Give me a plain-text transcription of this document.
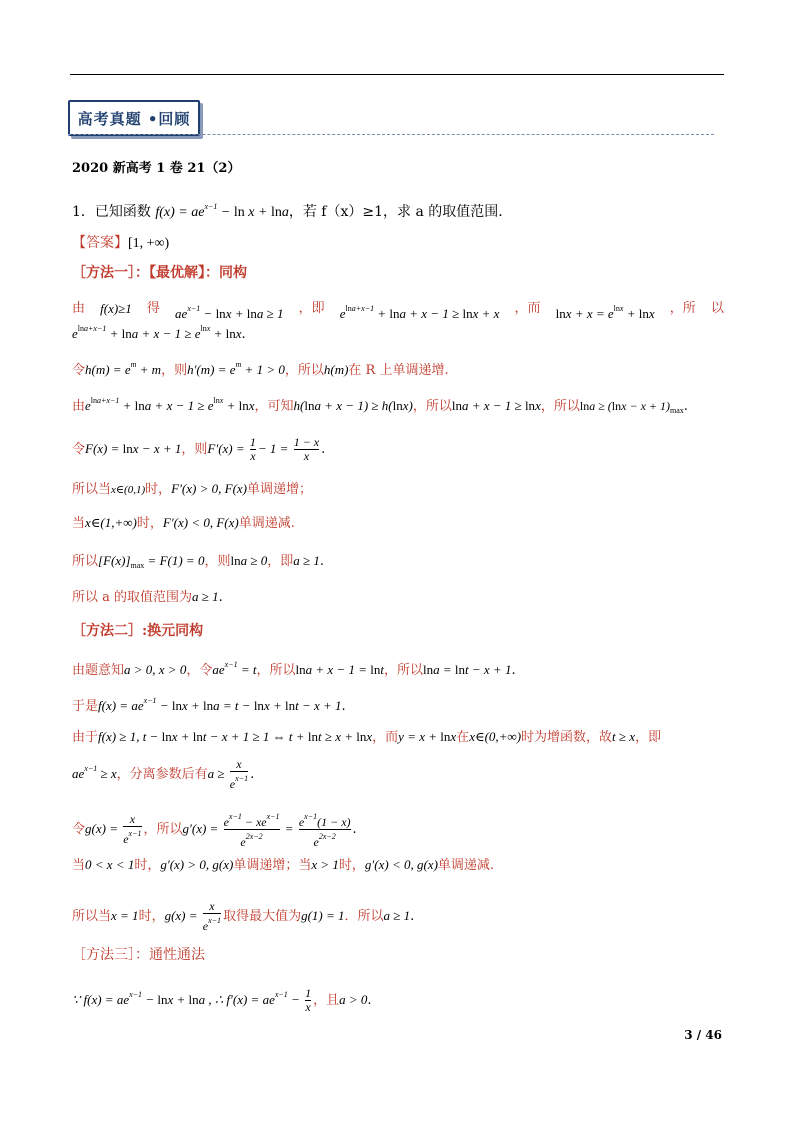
高考真题 •回顾
2020 新高考 1 卷 21（2）
1．已知函数 $f(x) = ae^{x-1} - \ln x + \ln a$，若 f（x）≥1，求 a 的取值范围.
【答案】[1, +∞)
［方法一］：【最优解】：同构
由 f(x)≥1 得 $ae^{x-1} - \ln x + \ln a \ge 1$ ，即 $e^{lna+x-1} + \ln a + x - 1 \ge \ln x + x$ ，而 $\ln x + x = e^{lnx} + \ln x$ ，所 以
$e^{lna+x-1} + \ln a + x - 1 \ge e^{lnx} + \ln x$.
令$h(m) = e^m + m$，则$h'(m) = e^m + 1 > 0$，所以h(m)在 R 上单调递增.
由$e^{lna+x-1} + \ln a + x - 1 \ge e^{lnx} + \ln x$，可知h(lna + x − 1) ≥ h(lnx)，所以lna + x − 1 ≥ lnx，所以$\ln a \ge (\ln x - x + 1)_{max}$.
令F(x) = lnx − x + 1，则$F'(x) = \frac{1}{x} - 1 = \frac{1 - x}{x}$ .
所以当x∈(0,1)时，F′(x) > 0, F(x)单调递增；
当x∈(1,+∞)时，F′(x) < 0, F(x)单调递减.
所以$[F(x)]_{max} = F(1) = 0$，则lna ≥ 0，即a ≥ 1.
所以 a 的取值范围为a ≥ 1.
［方法二］:换元同构
由题意知a > 0, x > 0，令$ae^{x-1} = t$，所以lna + x − 1 = lnt，所以lna = lnt − x + 1.
于是$f(x) = ae^{x-1} - \ln x + \ln a = t - \ln x + \ln t - x + 1$.
由于f(x) ≥ 1, t − lnx + lnt − x + 1 ≥ 1 ⇔ t + lnt ≥ x + lnx，而y = x + lnx在x∈(0,+∞)时为增函数，故t ≥ x，即
$ae^{x-1} \ge x$，分离参数后有$a \ge \frac{x}{e^{x-1}}$ .
令$g(x) = \frac{x}{e^{x-1}}$ ，所以$g'(x) = \frac{e^{x-1} - xe^{x-1}}{e^{2x-2}} = \frac{e^{x-1}(1 - x)}{e^{2x-2}}$ .
当0 < x < 1时，g′(x) > 0, g(x)单调递增；当x > 1时，g′(x) < 0, g(x)单调递减.
所以当x = 1时，$g(x) = \frac{x}{e^{x-1}}$ 取得最大值为g(1) = 1．所以a ≥ 1.
［方法三］：通性通法
∵ $f(x) = ae^{x-1} - \ln x + \ln a$ , ∴ $f'(x) = ae^{x-1} - \frac{1}{x}$ ，且a > 0.
3 / 46
